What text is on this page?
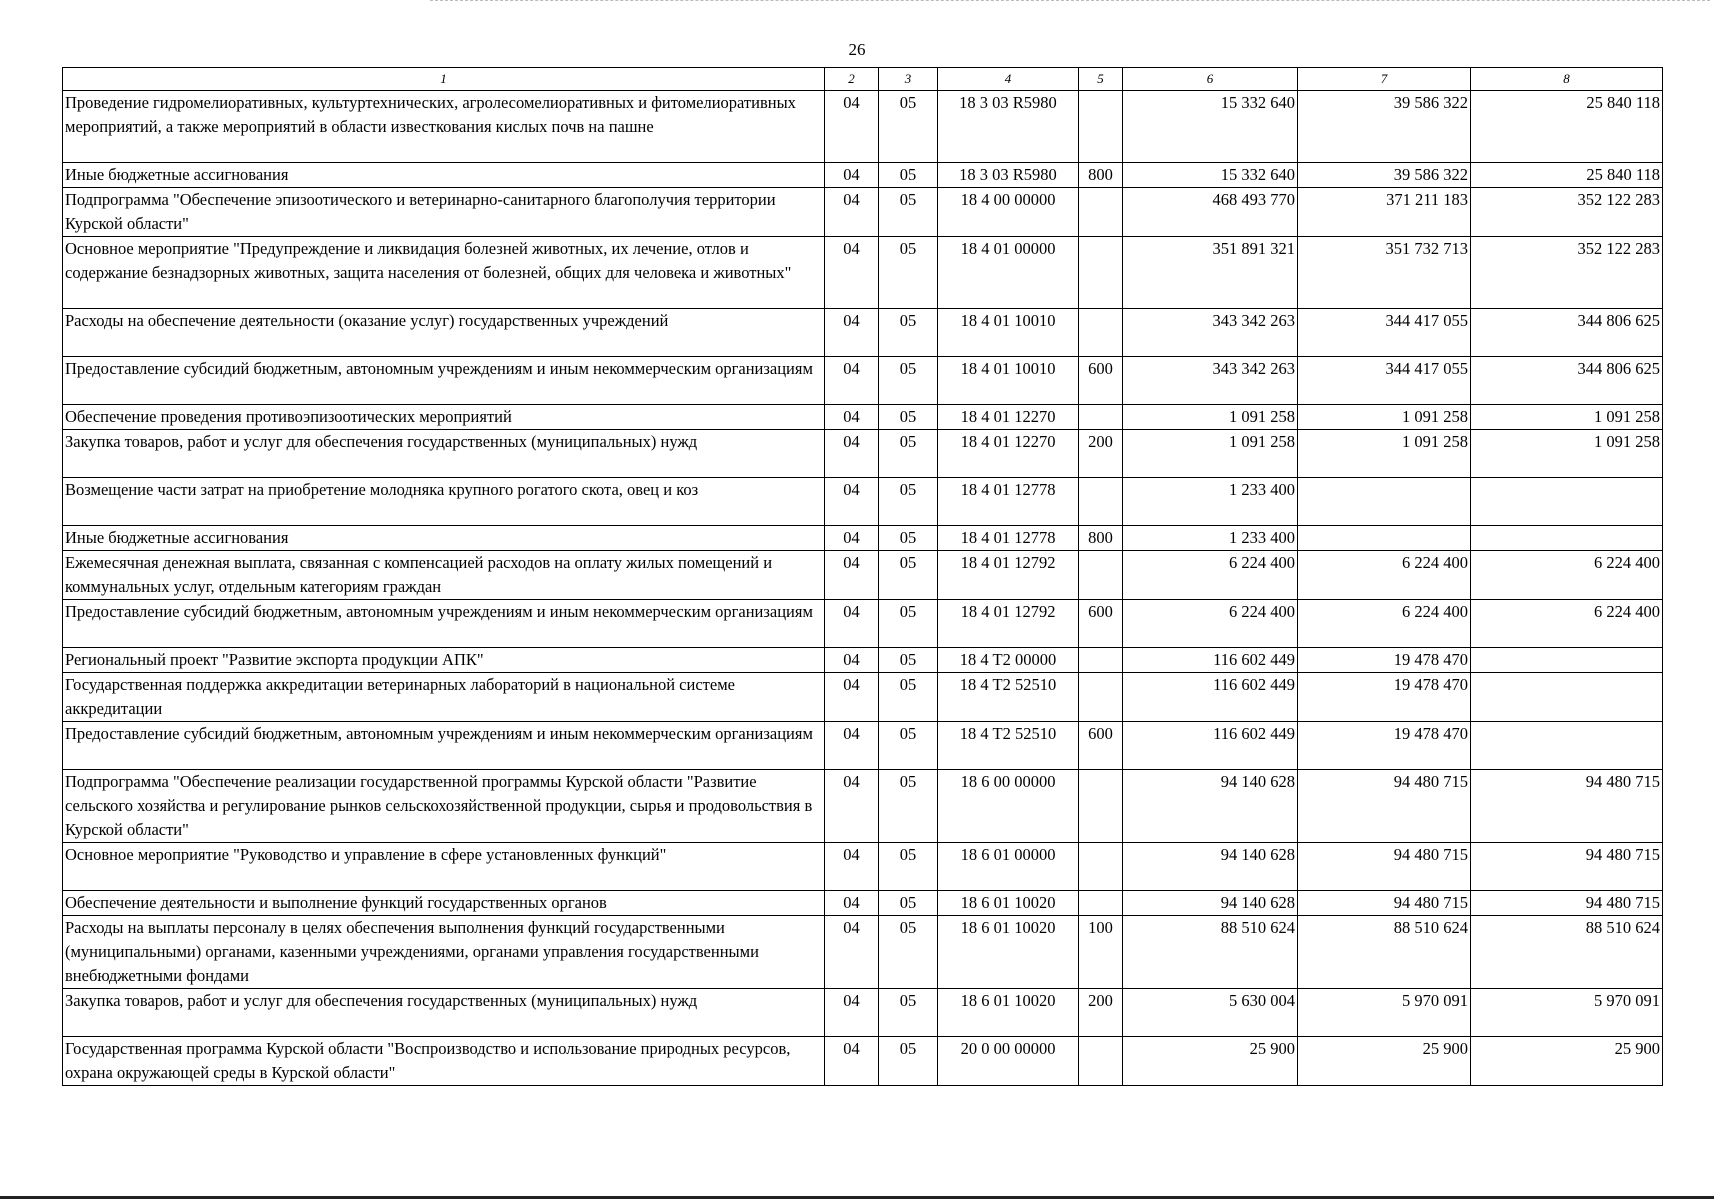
26
1	2	3	4	5	6	7	8
Проведение гидромелиоративных, культуртехнических, агролесомелиоративных и фитомелиоративных мероприятий, а также мероприятий в области известкования кислых почв на пашне	04	05	18 3 03 R5980		15 332 640	39 586 322	25 840 118
Иные бюджетные ассигнования	04	05	18 3 03 R5980	800	15 332 640	39 586 322	25 840 118
Подпрограмма "Обеспечение эпизоотического и ветеринарно-санитарного благополучия территории Курской области"	04	05	18 4 00 00000		468 493 770	371 211 183	352 122 283
Основное мероприятие "Предупреждение и ликвидация болезней животных, их лечение, отлов и содержание безнадзорных животных, защита населения от болезней, общих для человека и животных"	04	05	18 4 01 00000		351 891 321	351 732 713	352 122 283
Расходы на обеспечение деятельности (оказание услуг) государственных учреждений	04	05	18 4 01 10010		343 342 263	344 417 055	344 806 625
Предоставление субсидий бюджетным, автономным учреждениям и иным некоммерческим организациям	04	05	18 4 01 10010	600	343 342 263	344 417 055	344 806 625
Обеспечение проведения противоэпизоотических мероприятий	04	05	18 4 01 12270		1 091 258	1 091 258	1 091 258
Закупка товаров, работ и услуг для обеспечения государственных (муниципальных) нужд	04	05	18 4 01 12270	200	1 091 258	1 091 258	1 091 258
Возмещение части затрат на приобретение молодняка крупного рогатого скота, овец и коз	04	05	18 4 01 12778		1 233 400		
Иные бюджетные ассигнования	04	05	18 4 01 12778	800	1 233 400		
Ежемесячная денежная выплата, связанная с компенсацией расходов на оплату жилых помещений и коммунальных услуг, отдельным категориям граждан	04	05	18 4 01 12792		6 224 400	6 224 400	6 224 400
Предоставление субсидий бюджетным, автономным учреждениям и иным некоммерческим организациям	04	05	18 4 01 12792	600	6 224 400	6 224 400	6 224 400
Региональный проект "Развитие экспорта продукции АПК"	04	05	18 4 T2 00000		116 602 449	19 478 470	
Государственная поддержка аккредитации ветеринарных лабораторий в национальной системе аккредитации	04	05	18 4 T2 52510		116 602 449	19 478 470	
Предоставление субсидий бюджетным, автономным учреждениям и иным некоммерческим организациям	04	05	18 4 T2 52510	600	116 602 449	19 478 470	
Подпрограмма "Обеспечение реализации государственной программы Курской области "Развитие сельского хозяйства и регулирование рынков сельскохозяйственной продукции, сырья и продовольствия в Курской области"	04	05	18 6 00 00000		94 140 628	94 480 715	94 480 715
Основное мероприятие "Руководство и управление в сфере установленных функций"	04	05	18 6 01 00000		94 140 628	94 480 715	94 480 715
Обеспечение деятельности и выполнение функций государственных органов	04	05	18 6 01 10020		94 140 628	94 480 715	94 480 715
Расходы на выплаты персоналу в целях обеспечения выполнения функций государственными (муниципальными) органами, казенными учреждениями, органами управления государственными внебюджетными фондами	04	05	18 6 01 10020	100	88 510 624	88 510 624	88 510 624
Закупка товаров, работ и услуг для обеспечения государственных (муниципальных) нужд	04	05	18 6 01 10020	200	5 630 004	5 970 091	5 970 091
Государственная программа Курской области "Воспроизводство и использование природных ресурсов, охрана окружающей среды в Курской области"	04	05	20 0 00 00000		25 900	25 900	25 900
